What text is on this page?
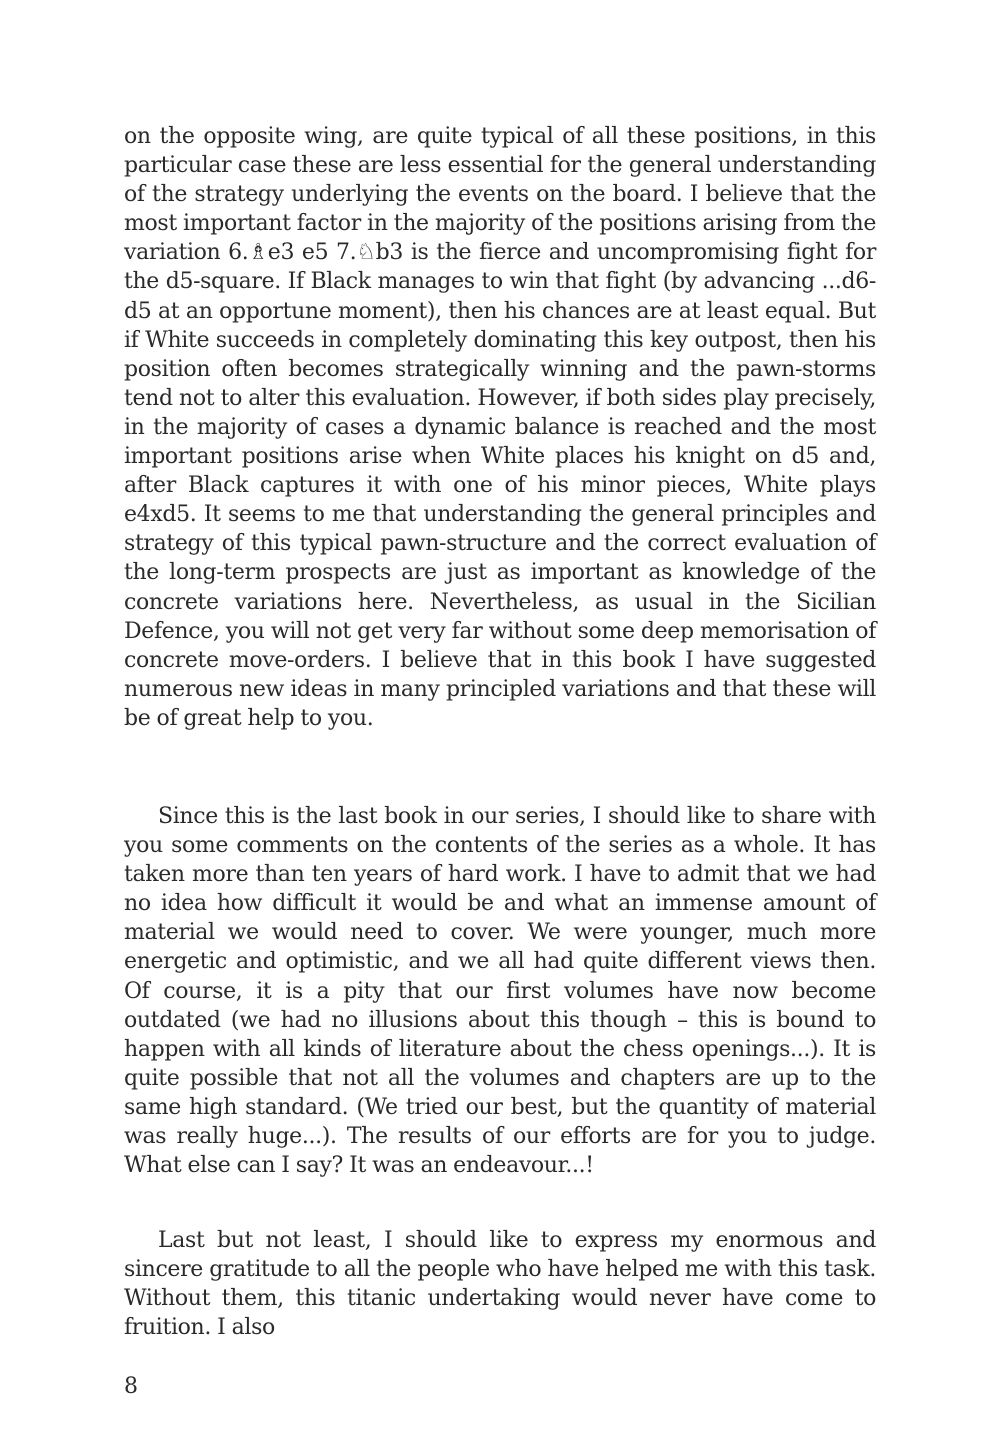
on the opposite wing, are quite typical of all these positions, in this particular case these are less essential for the general understanding of the strategy underlying the events on the board. I believe that the most important factor in the majority of the positions arising from the variation 6.♗e3 e5 7.♘b3 is the fierce and uncompromising fight for the d5-square. If Black manages to win that fight (by advancing ...d6-d5 at an opportune moment), then his chances are at least equal. But if White succeeds in completely dominating this key outpost, then his position often becomes strategically winning and the pawn-storms tend not to alter this evaluation. However, if both sides play precisely, in the majority of cases a dynamic balance is reached and the most important positions arise when White places his knight on d5 and, after Black captures it with one of his minor pieces, White plays e4xd5. It seems to me that understanding the general principles and strategy of this typical pawn-structure and the correct evaluation of the long-term prospects are just as important as knowledge of the concrete variations here. Nevertheless, as usual in the Sicilian Defence, you will not get very far without some deep memorisation of concrete move-orders. I believe that in this book I have suggested numerous new ideas in many principled variations and that these will be of great help to you.

Since this is the last book in our series, I should like to share with you some comments on the contents of the series as a whole. It has taken more than ten years of hard work. I have to admit that we had no idea how difficult it would be and what an immense amount of material we would need to cover. We were younger, much more energetic and optimistic, and we all had quite different views then. Of course, it is a pity that our first volumes have now become outdated (we had no illusions about this though – this is bound to happen with all kinds of literature about the chess openings...). It is quite possible that not all the volumes and chapters are up to the same high standard. (We tried our best, but the quantity of material was really huge...). The results of our efforts are for you to judge. What else can I say? It was an endeavour...!

Last but not least, I should like to express my enormous and sincere gratitude to all the people who have helped me with this task. Without them, this titanic undertaking would never have come to fruition. I also

8
